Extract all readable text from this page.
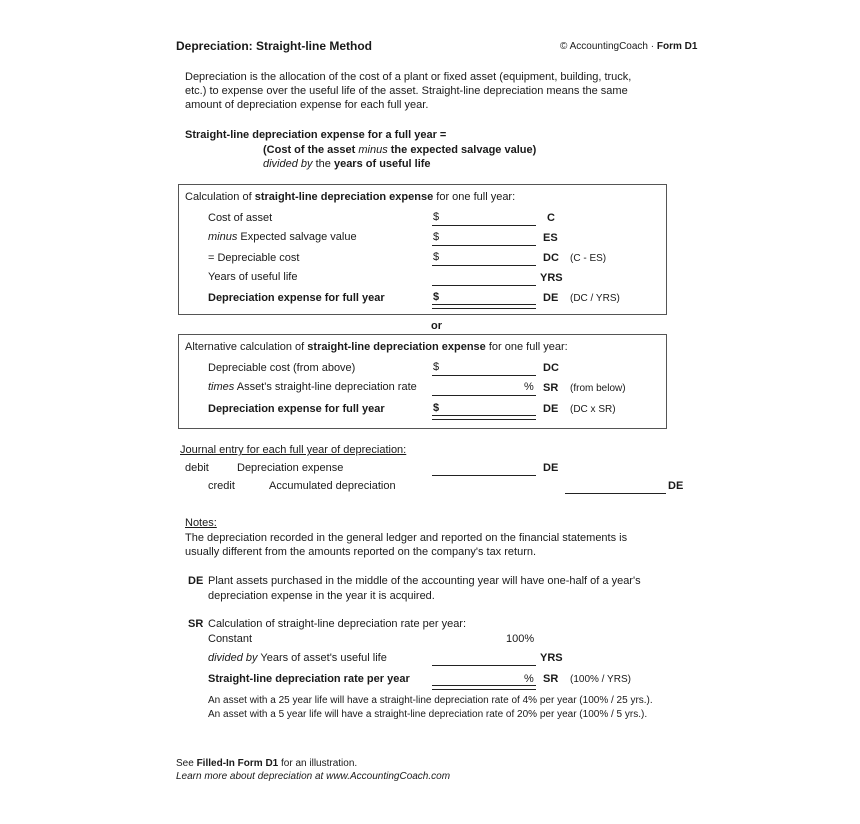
Depreciation: Straight-line Method	© AccountingCoach · Form D1
Depreciation is the allocation of the cost of a plant or fixed asset (equipment, building, truck,
etc.) to expense over the useful life of the asset. Straight-line depreciation means the same
amount of depreciation expense for each full year.
Straight-line depreciation expense for a full year =
(Cost of the asset minus the expected salvage value)
divided by the years of useful life
Calculation of straight-line depreciation expense for one full year:
Cost of asset	$	C
minus Expected salvage value	$	ES
= Depreciable cost	$	DC (C - ES)
Years of useful life	YRS
Depreciation expense for full year	$	DE (DC / YRS)
or
Alternative calculation of straight-line depreciation expense for one full year:
Depreciable cost (from above)	$	DC
times Asset's straight-line depreciation rate	% SR (from below)
Depreciation expense for full year	$	DE (DC x SR)
Journal entry for each full year of depreciation:
debit	Depreciation expense	DE
credit	Accumulated depreciation	DE
Notes:
The depreciation recorded in the general ledger and reported on the financial statements is
usually different from the amounts reported on the company's tax return.
DE Plant assets purchased in the middle of the accounting year will have one-half of a year's
depreciation expense in the year it is acquired.
SR Calculation of straight-line depreciation rate per year:
Constant	100%
divided by Years of asset's useful life	YRS
Straight-line depreciation rate per year	% SR (100% / YRS)
An asset with a 25 year life will have a straight-line depreciation rate of 4% per year (100% / 25 yrs.).
An asset with a 5 year life will have a straight-line depreciation rate of 20% per year (100% / 5 yrs.).
See Filled-In Form D1 for an illustration.
Learn more about depreciation at www.AccountingCoach.com
